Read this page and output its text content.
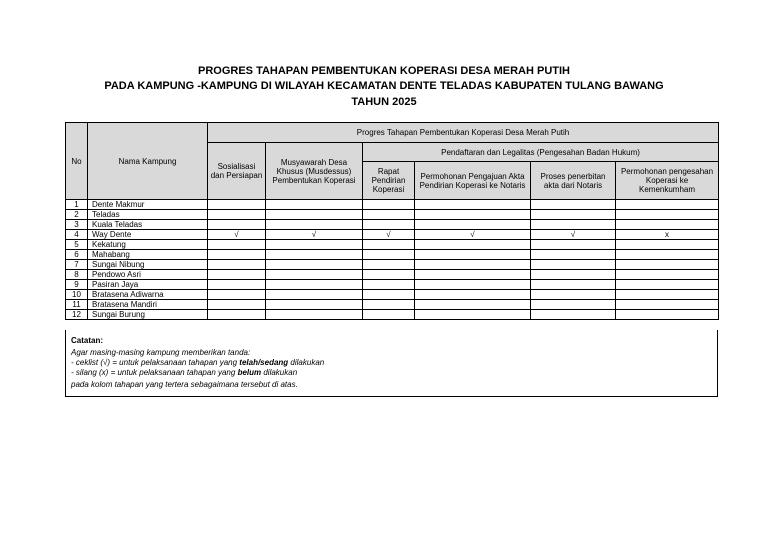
PROGRES TAHAPAN PEMBENTUKAN KOPERASI DESA MERAH PUTIH
PADA KAMPUNG -KAMPUNG DI WILAYAH KECAMATAN DENTE TELADAS KABUPATEN TULANG BAWANG
TAHUN 2025
No	Nama Kampung	Progres Tahapan Pembentukan Koperasi Desa Merah Putih					
		Sosialisasi dan Persiapan	Musyawarah Desa Khusus (Musdessus) Pembentukan Koperasi	Pendaftaran dan Legalitas (Pengesahan Badan Hukum)			
				Rapat Pendirian Koperasi	Permohonan Pengajuan Akta Pendirian Koperasi ke Notaris	Proses penerbitan akta dari Notaris	Permohonan pengesahan Koperasi ke Kemenkumham
1	Dente Makmur						
2	Teladas						
3	Kuala Teladas						
4	Way Dente	√	√	√	√	√	x
5	Kekatung						
6	Mahabang						
7	Sungai Nibung						
8	Pendowo Asri						
9	Pasiran Jaya						
10	Bratasena Adiwarna						
11	Bratasena Mandiri						
12	Sungai Burung						
Catatan:
Agar masing-masing kampung memberikan tanda:
- ceklist (√) = untuk pelaksanaan tahapan yang telah/sedang dilakukan
- silang (x) = untuk pelaksanaan tahapan yang belum dilakukan
pada kolom tahapan yang tertera sebagaimana tersebut di atas.
